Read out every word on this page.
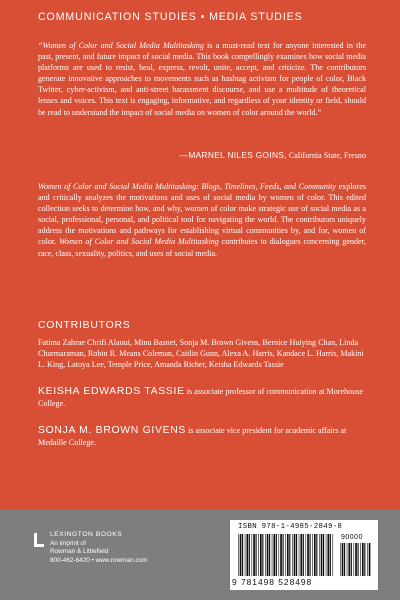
COMMUNICATION STUDIES • MEDIA STUDIES

“Women of Color and Social Media Multitasking is a must-read text for anyone interested in the past, present, and future impact of social media. This book compellingly examines how social media platforms are used to resist, heal, express, revolt, unite, accept, and criticize. The contributors generate innovative approaches to movements such as hashtag activism for people of color, Black Twitter, cyber-activism, and anti-street harassment discourse, and use a multitude of theoretical lenses and voices. This text is engaging, informative, and regardless of your identity or field, should be read to understand the impact of social media on women of color around the world.”

—MARNEL NILES GOINS, California State, Fresno

Women of Color and Social Media Multitasking: Blogs, Timelines, Feeds, and Community explores and critically analyzes the motivations and uses of social media by women of color. This edited collection seeks to determine how, and why, women of color make strategic use of social media as a social, professional, personal, and political tool for navigating the world. The contributors uniquely address the motivations and pathways for establishing virtual communities by, and for, women of color. Women of Color and Social Media Multitasking contributes to dialogues concerning gender, race, class, sexuality, politics, and uses of social media.

CONTRIBUTORS

Fatima Zahrae Chrifi Alaoui, Minu Basnet, Sonja M. Brown Givens, Bernice Huiying Chan, Linda Charmaraman, Robin R. Means Coleman, Caitlin Gunn, Alexa A. Harris, Kandace L. Harris, Makini L. King, Latoya Lee, Temple Price, Amanda Richer, Keisha Edwards Tassie

KEISHA EDWARDS TASSIE is associate professor of communication at Morehouse College.
SONJA M. BROWN GIVENS is associate vice president for academic affairs at Medaille College.
LEXINGTON BOOKS
An imprint of
Rowman & Littlefield
800-462-6420 • www.rowman.com
ISBN 978-1-4985-2849-8
90000
9 781498 528498
